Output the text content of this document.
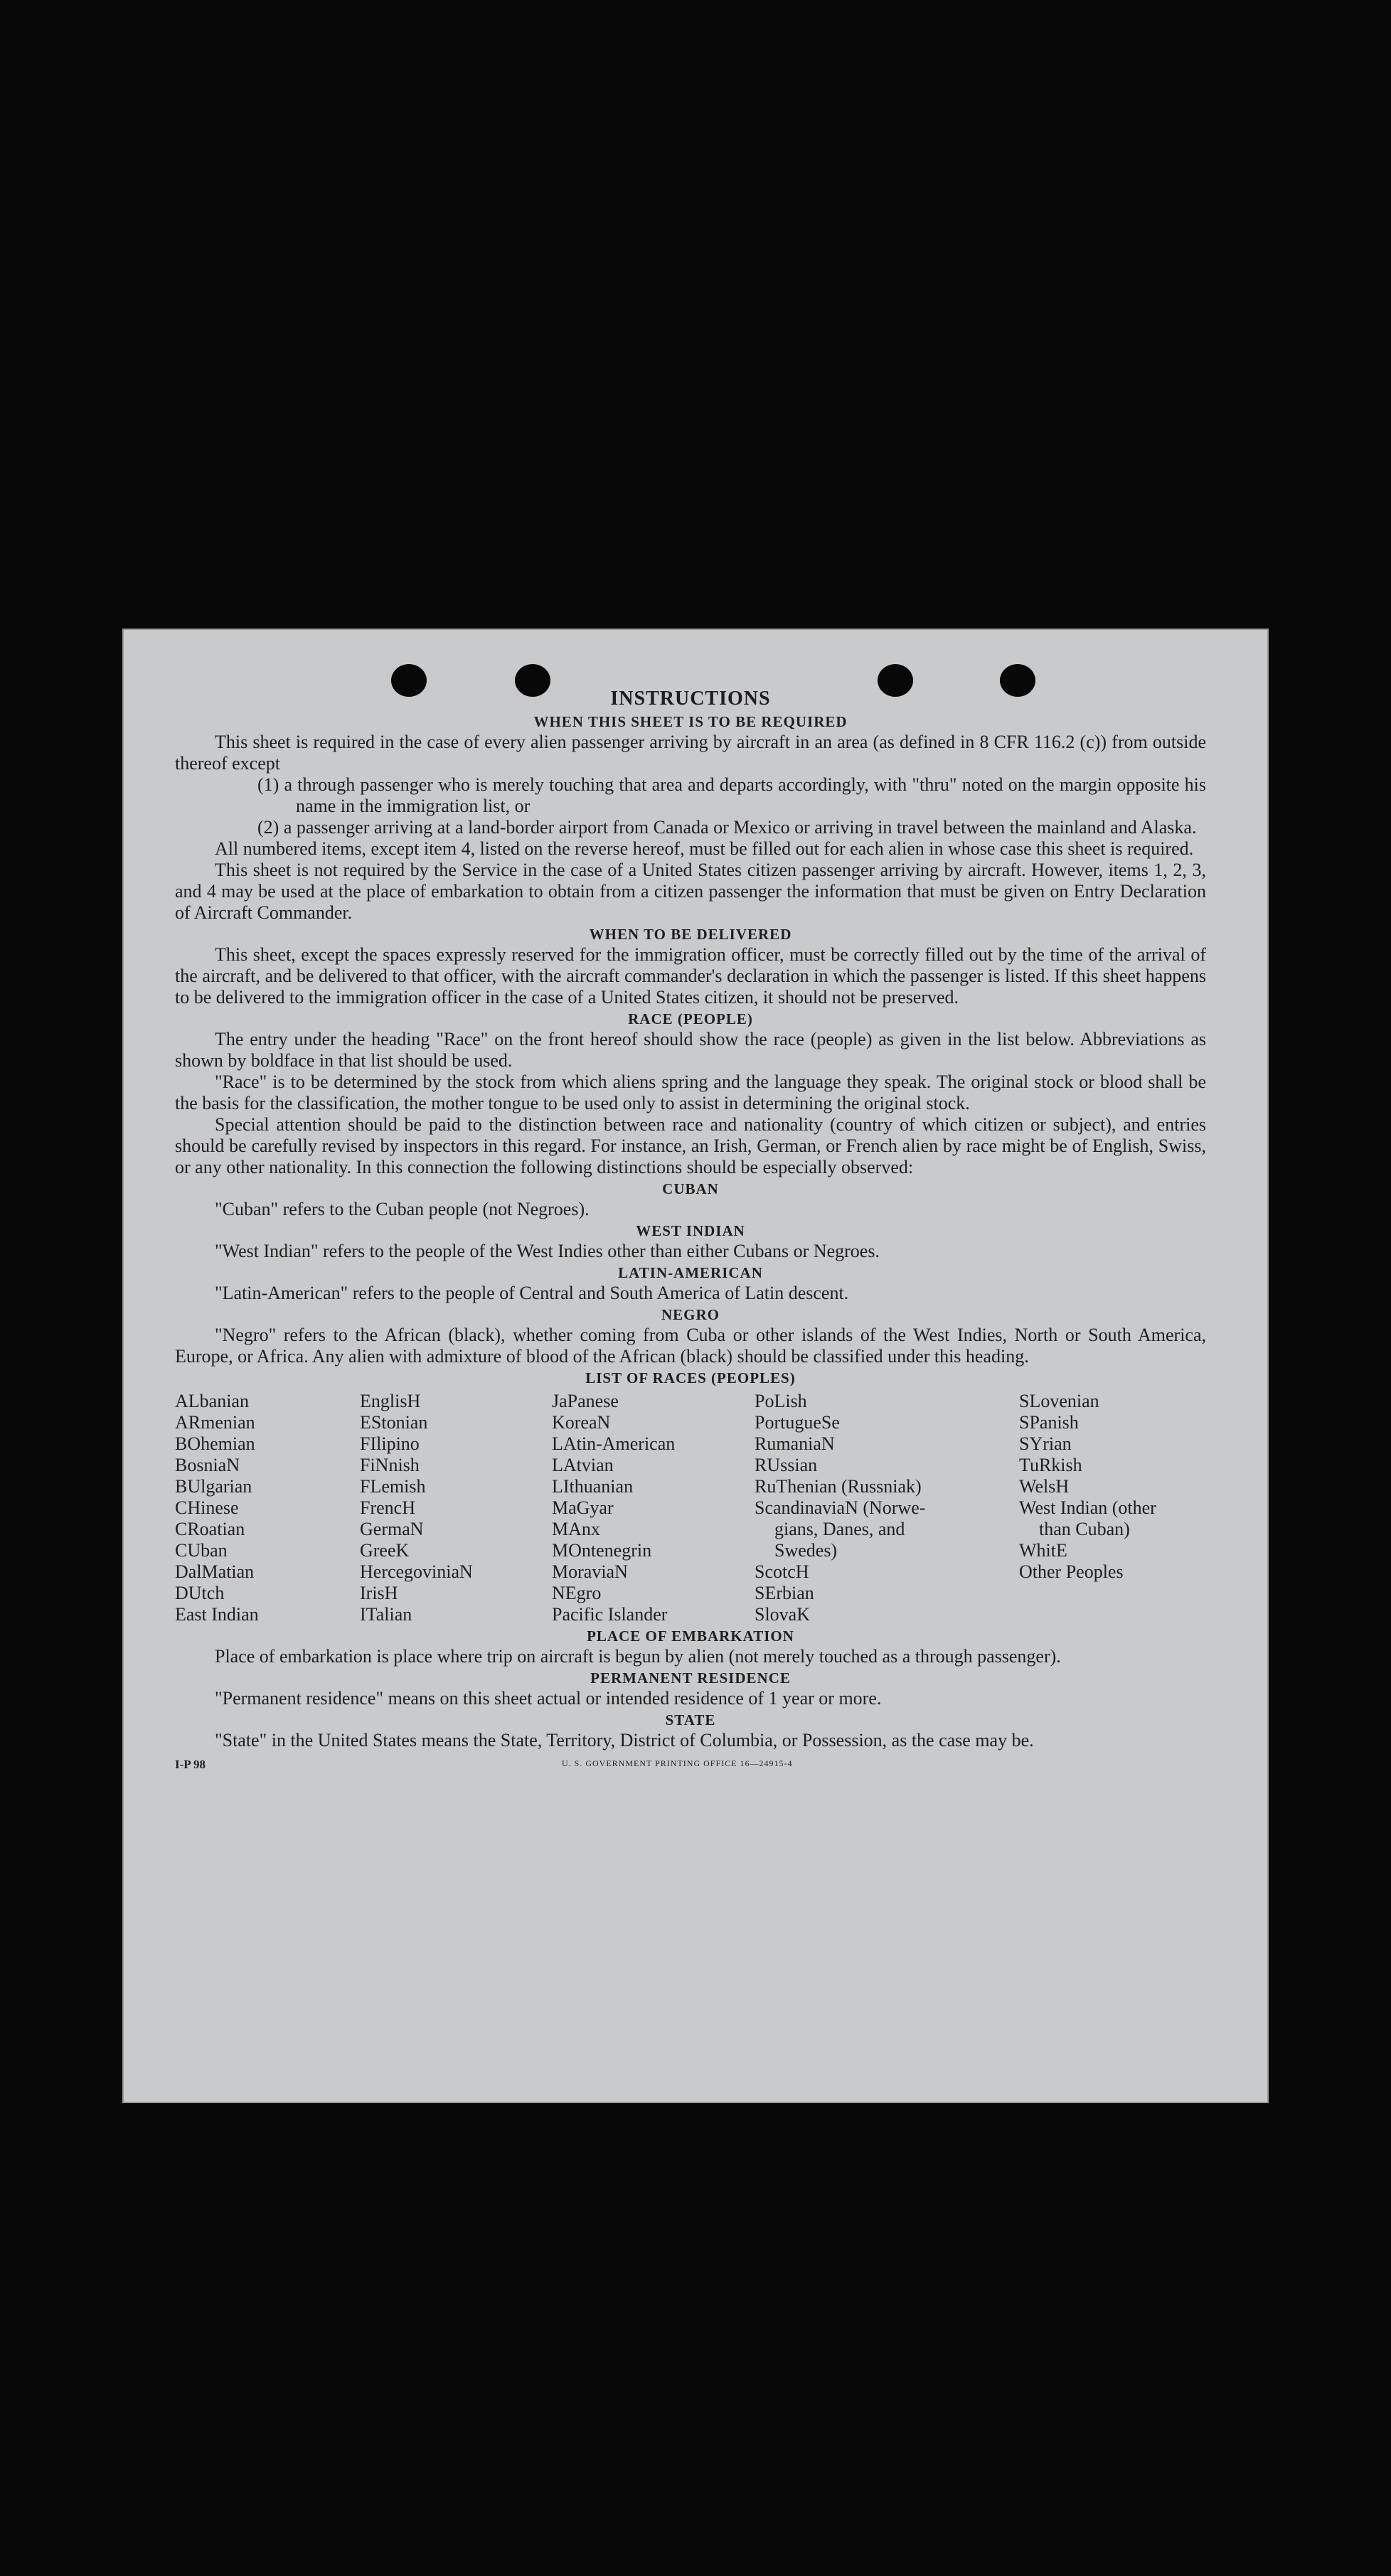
INSTRUCTIONS
WHEN THIS SHEET IS TO BE REQUIRED

This sheet is required in the case of every alien passenger arriving by aircraft in an area (as defined in 8 CFR 116.2 (c)) from outside thereof except

(1) a through passenger who is merely touching that area and departs accordingly, with "thru" noted on the margin opposite his name in the immigration list, or

(2) a passenger arriving at a land-border airport from Canada or Mexico or arriving in travel between the mainland and Alaska.

All numbered items, except item 4, listed on the reverse hereof, must be filled out for each alien in whose case this sheet is required.

This sheet is not required by the Service in the case of a United States citizen passenger arriving by aircraft. However, items 1, 2, 3, and 4 may be used at the place of embarkation to obtain from a citizen passenger the information that must be given on Entry Declaration of Aircraft Commander.

WHEN TO BE DELIVERED

This sheet, except the spaces expressly reserved for the immigration officer, must be correctly filled out by the time of the arrival of the aircraft, and be delivered to that officer, with the aircraft commander's declaration in which the passenger is listed. If this sheet happens to be delivered to the immigration officer in the case of a United States citizen, it should not be preserved.

RACE (PEOPLE)

The entry under the heading "Race" on the front hereof should show the race (people) as given in the list below. Abbreviations as shown by boldface in that list should be used.

"Race" is to be determined by the stock from which aliens spring and the language they speak. The original stock or blood shall be the basis for the classification, the mother tongue to be used only to assist in determining the original stock.

Special attention should be paid to the distinction between race and nationality (country of which citizen or subject), and entries should be carefully revised by inspectors in this regard. For instance, an Irish, German, or French alien by race might be of English, Swiss, or any other nationality. In this connection the following distinctions should be especially observed:

CUBAN

"Cuban" refers to the Cuban people (not Negroes).

WEST INDIAN

"West Indian" refers to the people of the West Indies other than either Cubans or Negroes.

LATIN-AMERICAN

"Latin-American" refers to the people of Central and South America of Latin descent.

NEGRO

"Negro" refers to the African (black), whether coming from Cuba or other islands of the West Indies, North or South America, Europe, or Africa. Any alien with admixture of blood of the African (black) should be classified under this heading.

LIST OF RACES (PEOPLES)
ALbanian
ARmenian
BOhemian
BosniaN
BUlgarian
CHinese
CRoatian
CUban
DalMatian
DUtch
East Indian
EnglisH
EStonian
FIlipino
FiNnish
FLemish
FrencH
GermaN
GreeK
HercegoviniaN
IrisH
ITalian
JaPanese
KoreaN
LAtin-American
LAtvian
LIthuanian
MaGyar
MAnx
MOntenegrin
MoraviaN
NEgro
Pacific Islander
PoLish
PortugueSe
RumaniaN
RUssian
RuThenian (Russniak)
ScandinaviaN (Norwe-
gians, Danes, and
Swedes)
ScotcH
SErbian
SlovaK
SLovenian
SPanish
SYrian
TuRkish
WelsH
West Indian (other
than Cuban)
WhitE
Other Peoples
PLACE OF EMBARKATION

Place of embarkation is place where trip on aircraft is begun by alien (not merely touched as a through passenger).

PERMANENT RESIDENCE

"Permanent residence" means on this sheet actual or intended residence of 1 year or more.

STATE

"State" in the United States means the State, Territory, District of Columbia, or Possession, as the case may be.

I-P 98	U. S. GOVERNMENT PRINTING OFFICE 16—24915-4
